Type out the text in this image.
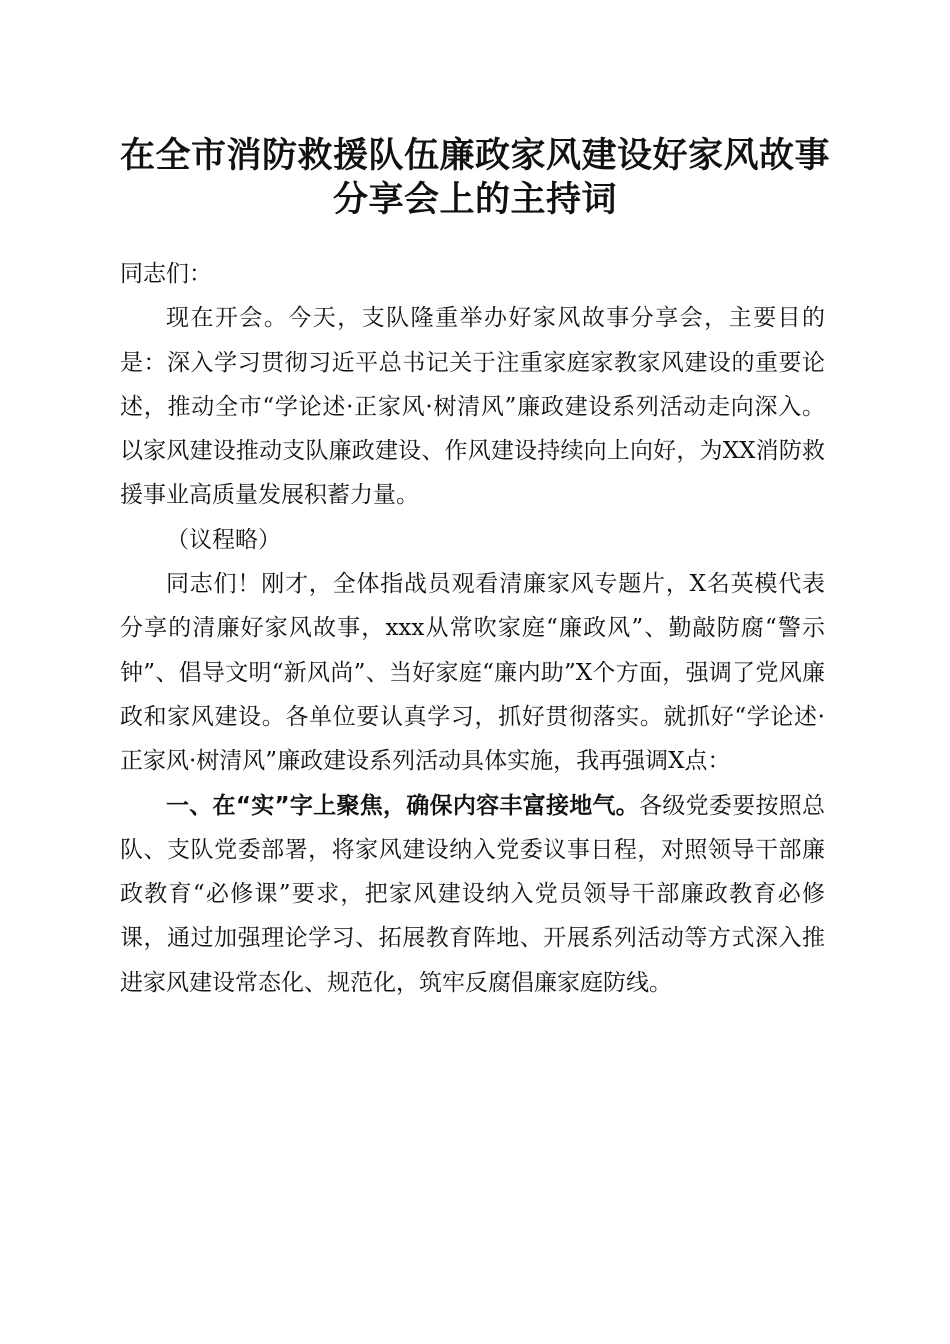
在全市消防救援队伍廉政家风建设好家风故事
分享会上的主持词

同志们：

现在开会。今天，支队隆重举办好家风故事分享会，主要目的是：深入学习贯彻习近平总书记关于注重家庭家教家风建设的重要论述，推动全市“学论述·正家风·树清风”廉政建设系列活动走向深入。以家风建设推动支队廉政建设、作风建设持续向上向好，为XX消防救援事业高质量发展积蓄力量。

（议程略）

同志们！刚才，全体指战员观看清廉家风专题片，X名英模代表分享的清廉好家风故事，xxx从常吹家庭“廉政风”、勤敲防腐“警示钟”、倡导文明“新风尚”、当好家庭“廉内助”X个方面，强调了党风廉政和家风建设。各单位要认真学习，抓好贯彻落实。就抓好“学论述·正家风·树清风”廉政建设系列活动具体实施，我再强调X点：

一、在“实”字上聚焦，确保内容丰富接地气。各级党委要按照总队、支队党委部署，将家风建设纳入党委议事日程，对照领导干部廉政教育“必修课”要求，把家风建设纳入党员领导干部廉政教育必修课，通过加强理论学习、拓展教育阵地、开展系列活动等方式深入推进家风建设常态化、规范化，筑牢反腐倡廉家庭防线。
